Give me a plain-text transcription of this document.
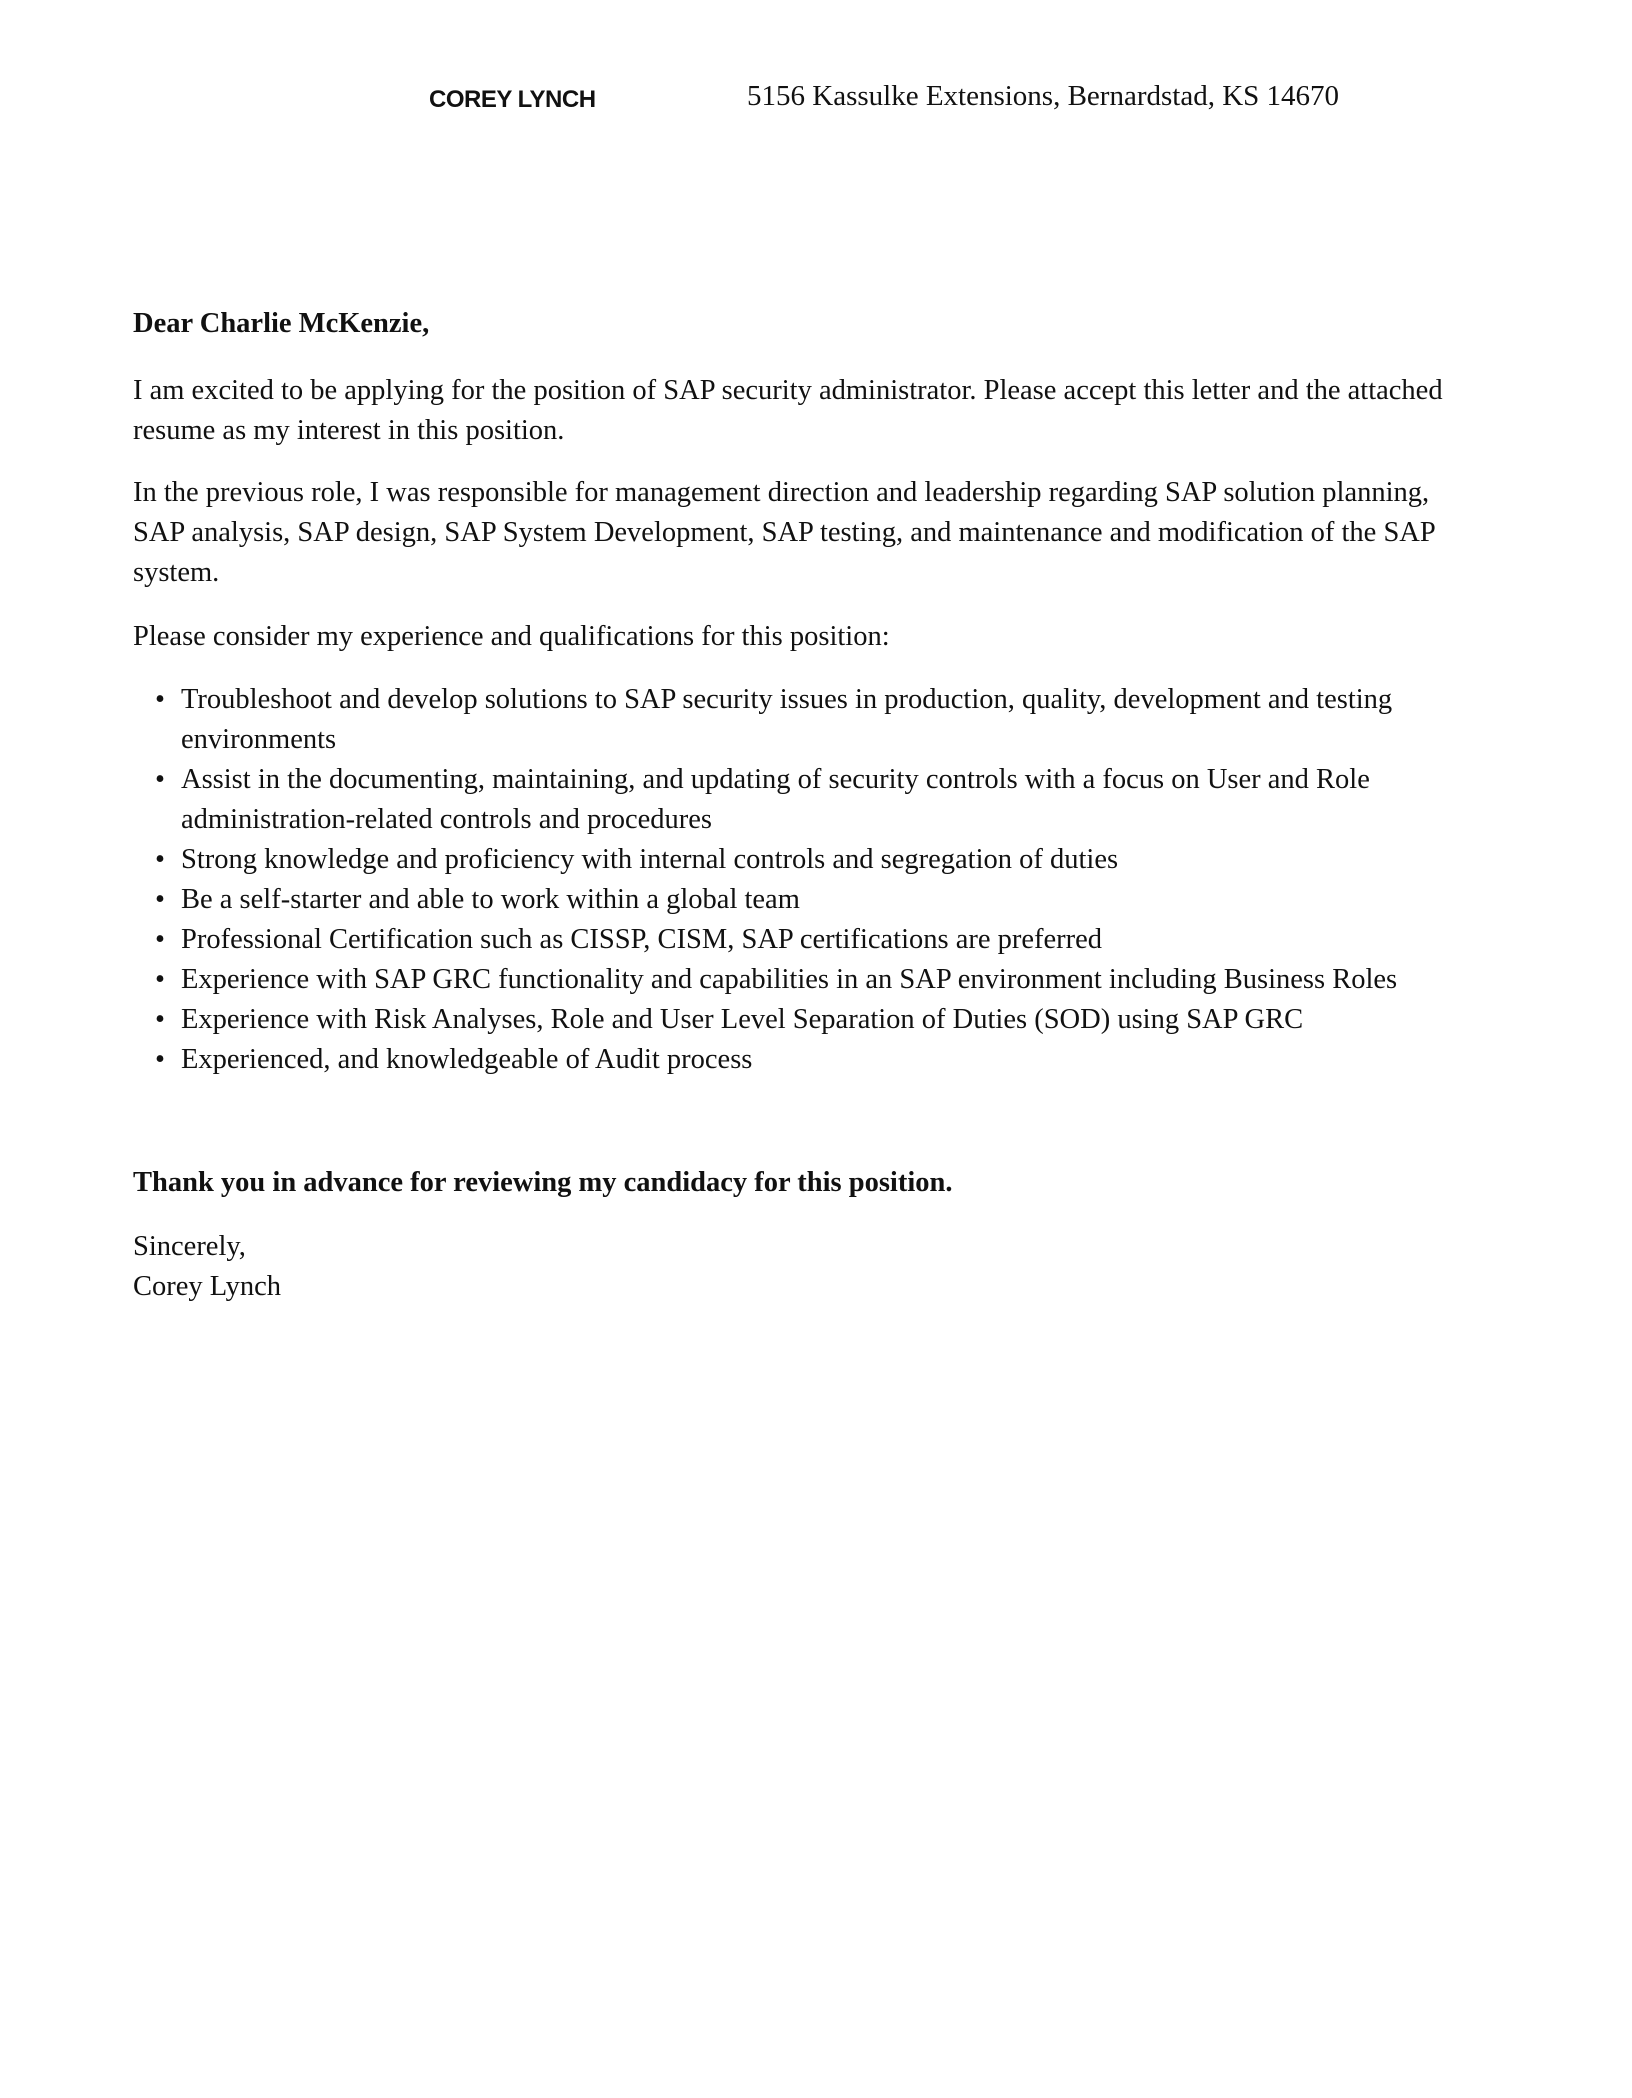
COREY LYNCH	5156 Kassulke Extensions, Bernardstad, KS 14670
Dear Charlie McKenzie,
I am excited to be applying for the position of SAP security administrator. Please accept this letter and the attached resume as my interest in this position.
In the previous role, I was responsible for management direction and leadership regarding SAP solution planning, SAP analysis, SAP design, SAP System Development, SAP testing, and maintenance and modification of the SAP system.
Please consider my experience and qualifications for this position:
• Troubleshoot and develop solutions to SAP security issues in production, quality, development and testing environments
• Assist in the documenting, maintaining, and updating of security controls with a focus on User and Role administration-related controls and procedures
• Strong knowledge and proficiency with internal controls and segregation of duties
• Be a self-starter and able to work within a global team
• Professional Certification such as CISSP, CISM, SAP certifications are preferred
• Experience with SAP GRC functionality and capabilities in an SAP environment including Business Roles
• Experience with Risk Analyses, Role and User Level Separation of Duties (SOD) using SAP GRC
• Experienced, and knowledgeable of Audit process
Thank you in advance for reviewing my candidacy for this position.
Sincerely,
Corey Lynch
